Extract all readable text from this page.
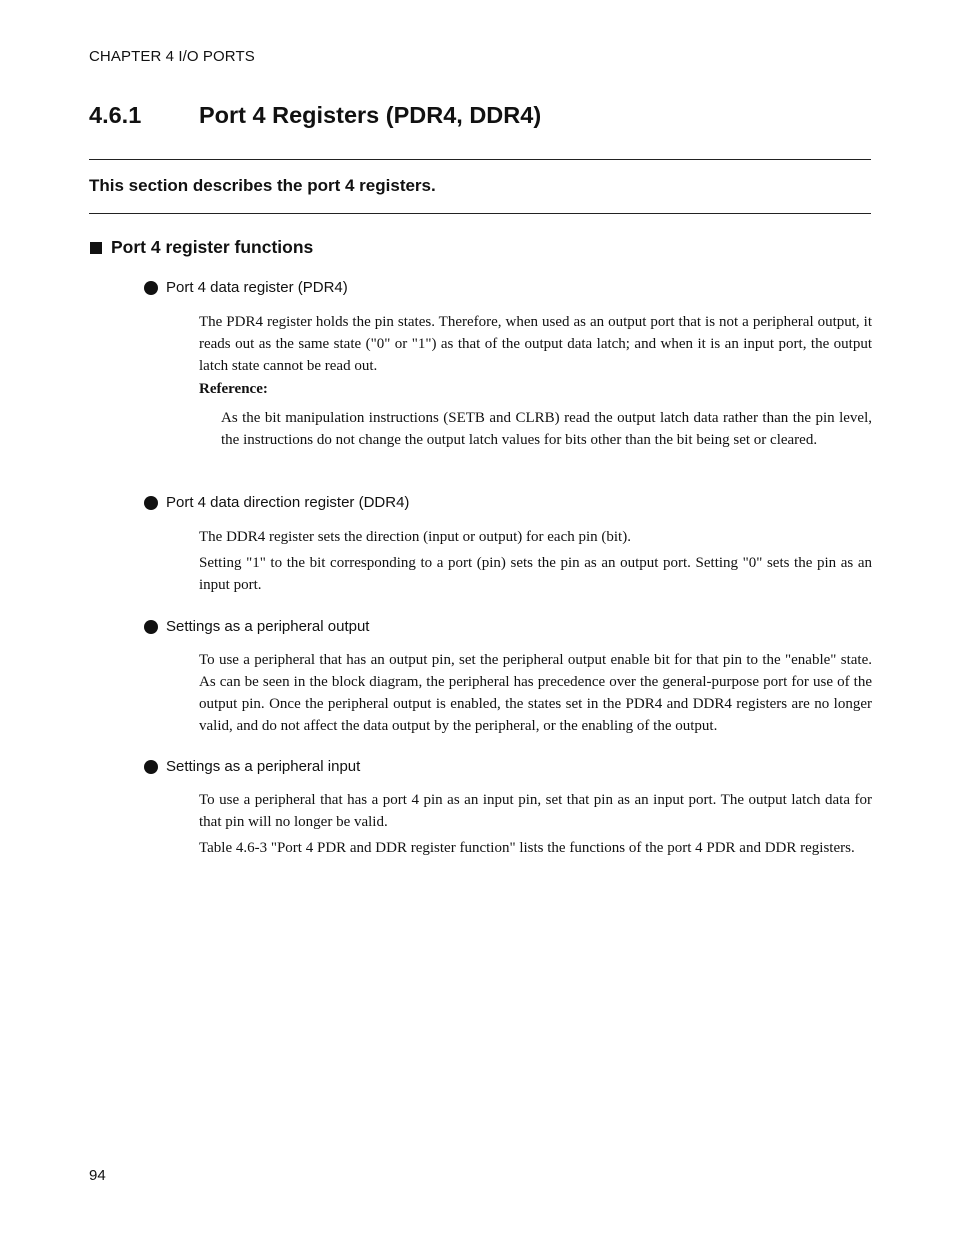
CHAPTER 4 I/O PORTS
4.6.1 Port 4 Registers (PDR4, DDR4)
This section describes the port 4 registers.
Port 4 register functions
Port 4 data register (PDR4)

The PDR4 register holds the pin states. Therefore, when used as an output port that is not a peripheral output, it reads out as the same state ("0" or "1") as that of the output data latch; and when it is an input port, the output latch state cannot be read out.

Reference:

As the bit manipulation instructions (SETB and CLRB) read the output latch data rather than the pin level, the instructions do not change the output latch values for bits other than the bit being set or cleared.

Port 4 data direction register (DDR4)

The DDR4 register sets the direction (input or output) for each pin (bit).

Setting "1" to the bit corresponding to a port (pin) sets the pin as an output port. Setting "0" sets the pin as an input port.

Settings as a peripheral output

To use a peripheral that has an output pin, set the peripheral output enable bit for that pin to the "enable" state. As can be seen in the block diagram, the peripheral has precedence over the general-purpose port for use of the output pin. Once the peripheral output is enabled, the states set in the PDR4 and DDR4 registers are no longer valid, and do not affect the data output by the peripheral, or the enabling of the output.

Settings as a peripheral input

To use a peripheral that has a port 4 pin as an input pin, set that pin as an input port. The output latch data for that pin will no longer be valid.

Table 4.6-3 "Port 4 PDR and DDR register function" lists the functions of the port 4 PDR and DDR registers.

94
